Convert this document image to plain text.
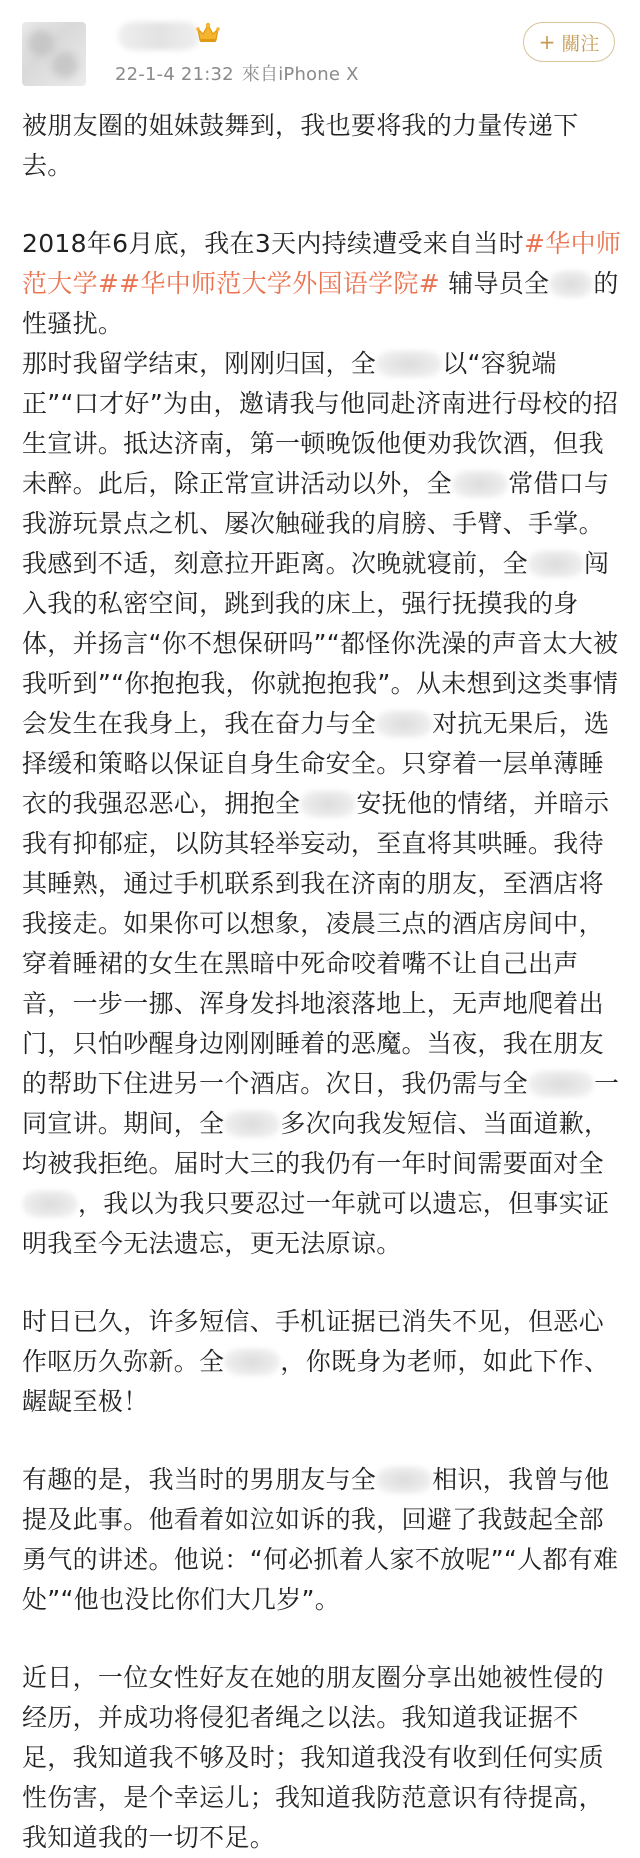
22-1-4 21:32 來自iPhone X
+ 關注

被朋友圈的姐妹鼓舞到，我也要将我的力量传递下去。

2018年6月底，我在3天内持续遭受来自当时#华中师范大学##华中师范大学外国语学院# 辅导员全 的性骚扰。

那时我留学结束，刚刚归国，全	以“容貌端正”“口才好”为由，邀请我与他同赴济南进行母校的招生宣讲。抵达济南，第一顿晚饭他便劝我饮酒，但我未醉。此后，除正常宣讲活动以外，全 常借口与我游玩景点之机、屡次触碰我的肩膀、手臂、手掌。我感到不适，刻意拉开距离。次晚就寝前，全 闯入我的私密空间，跳到我的床上，强行抚摸我的身体，并扬言“你不想保研吗”“都怪你洗澡的声音太大被我听到”“你抱抱我，你就抱抱我”。从未想到这类事情会发生在我身上，我在奋力与全 对抗无果后，选择缓和策略以保证自身生命安全。只穿着一层单薄睡衣的我强忍恶心，拥抱全 安抚他的情绪，并暗示我有抑郁症，以防其轻举妄动，至直将其哄睡。我待其睡熟，通过手机联系到我在济南的朋友，至酒店将我接走。如果你可以想象，凌晨三点的酒店房间中，穿着睡裙的女生在黑暗中死命咬着嘴不让自己出声音，一步一挪、浑身发抖地滚落地上，无声地爬着出门，只怕吵醒身边刚刚睡着的恶魔。当夜，我在朋友的帮助下住进另一个酒店。次日，我仍需与全	一同宣讲。期间，全 多次向我发短信、当面道歉，均被我拒绝。届时大三的我仍有一年时间需要面对全，我以为我只要忍过一年就可以遗忘，但事实证明我至今无法遗忘，更无法原谅。

时日已久，许多短信、手机证据已消失不见，但恶心作呕历久弥新。全 ，你既身为老师，如此下作、龌龊至极！

有趣的是，我当时的男朋友与全 相识，我曾与他提及此事。他看着如泣如诉的我，回避了我鼓起全部勇气的讲述。他说：“何必抓着人家不放呢”“人都有难处”“他也没比你们大几岁”。

近日，一位女性好友在她的朋友圈分享出她被性侵的经历，并成功将侵犯者绳之以法。我知道我证据不足，我知道我不够及时；我知道我没有收到任何实质性伤害，是个幸运儿；我知道我防范意识有待提高，我知道我的一切不足。
